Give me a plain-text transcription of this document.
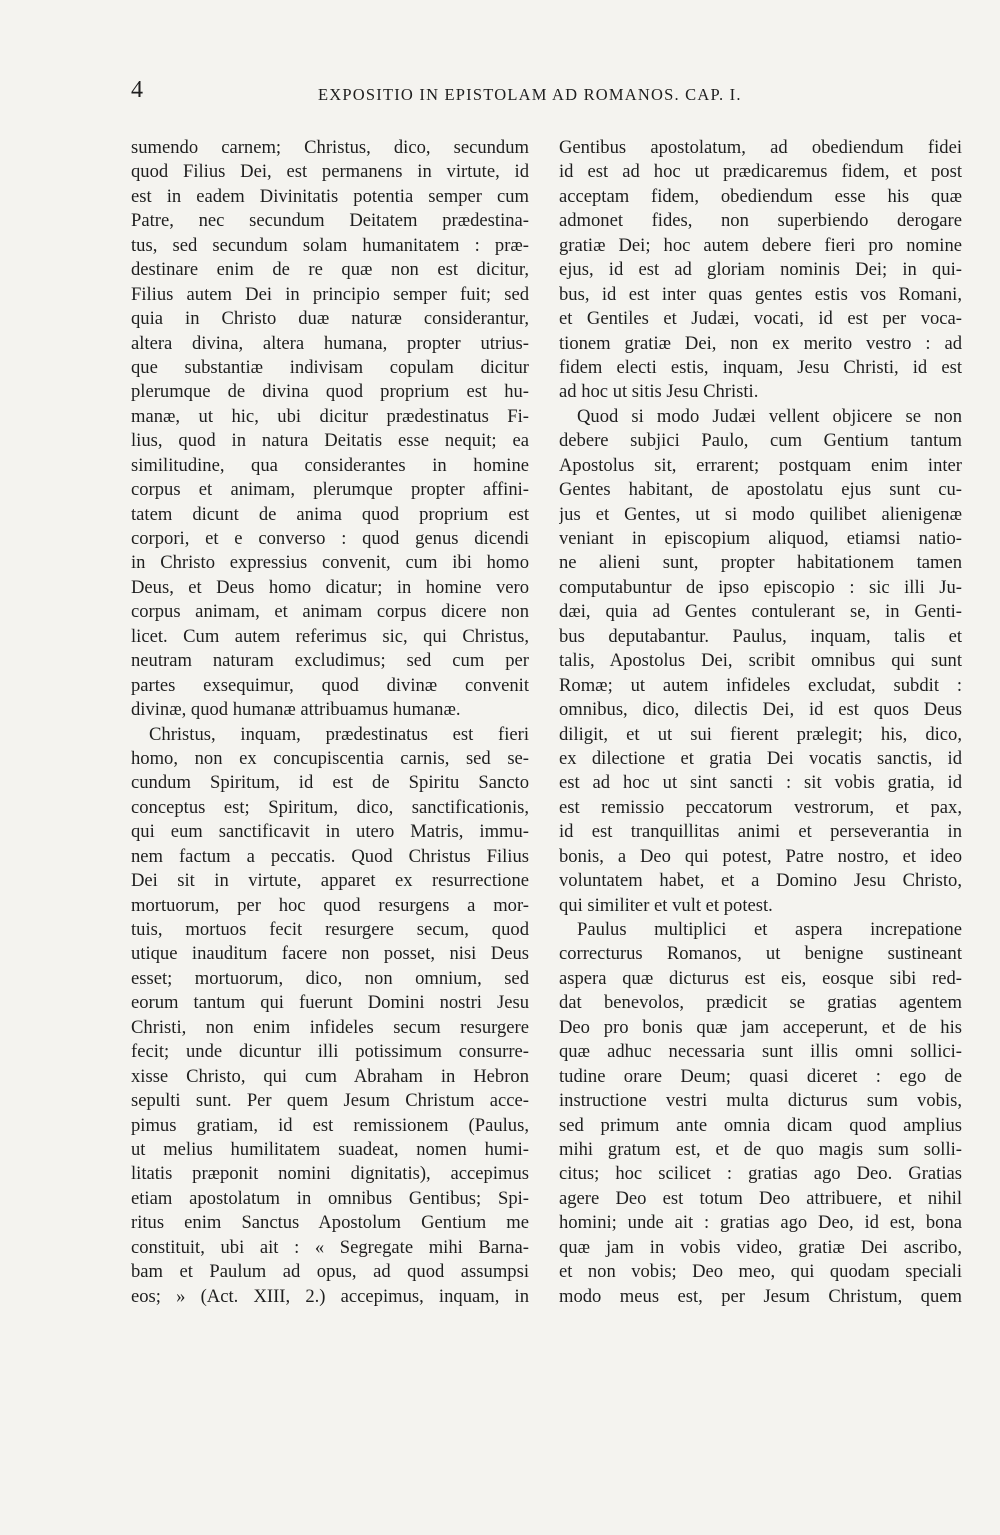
4	EXPOSITIO IN EPISTOLAM AD ROMANOS. CAP. I.
sumendo carnem; Christus, dico, secundum
quod Filius Dei, est permanens in virtute, id
est in eadem Divinitatis potentia semper cum
Patre, nec secundum Deitatem prædestina-
tus, sed secundum solam humanitatem : præ-
destinare enim de re quæ non est dicitur,
Filius autem Dei in principio semper fuit; sed
quia in Christo duæ naturæ considerantur,
altera divina, altera humana, propter utrius-
que substantiæ indivisam copulam dicitur
plerumque de divina quod proprium est hu-
manæ, ut hic, ubi dicitur prædestinatus Fi-
lius, quod in natura Deitatis esse nequit; ea
similitudine, qua considerantes in homine
corpus et animam, plerumque propter affini-
tatem dicunt de anima quod proprium est
corpori, et e converso : quod genus dicendi
in Christo expressius convenit, cum ibi homo
Deus, et Deus homo dicatur; in homine vero
corpus animam, et animam corpus dicere non
licet. Cum autem referimus sic, qui Christus,
neutram naturam excludimus; sed cum per
partes exsequimur, quod divinæ convenit
divinæ, quod humanæ attribuamus humanæ.
Christus, inquam, prædestinatus est fieri
homo, non ex concupiscentia carnis, sed se-
cundum Spiritum, id est de Spiritu Sancto
conceptus est; Spiritum, dico, sanctificationis,
qui eum sanctificavit in utero Matris, immu-
nem factum a peccatis. Quod Christus Filius
Dei sit in virtute, apparet ex resurrectione
mortuorum, per hoc quod resurgens a mor-
tuis, mortuos fecit resurgere secum, quod
utique inauditum facere non posset, nisi Deus
esset; mortuorum, dico, non omnium, sed
eorum tantum qui fuerunt Domini nostri Jesu
Christi, non enim infideles secum resurgere
fecit; unde dicuntur illi potissimum consurre-
xisse Christo, qui cum Abraham in Hebron
sepulti sunt. Per quem Jesum Christum acce-
pimus gratiam, id est remissionem (Paulus,
ut melius humilitatem suadeat, nomen humi-
litatis præponit nomini dignitatis), accepimus
etiam apostolatum in omnibus Gentibus; Spi-
ritus enim Sanctus Apostolum Gentium me
constituit, ubi ait : « Segregate mihi Barna-
bam et Paulum ad opus, ad quod assumpsi
eos; » (Act. XIII, 2.) accepimus, inquam, in
Gentibus apostolatum, ad obediendum fidei
id est ad hoc ut prædicaremus fidem, et post
acceptam fidem, obediendum esse his quæ
admonet fides, non superbiendo derogare
gratiæ Dei; hoc autem debere fieri pro nomine
ejus, id est ad gloriam nominis Dei; in qui-
bus, id est inter quas gentes estis vos Romani,
et Gentiles et Judæi, vocati, id est per voca-
tionem gratiæ Dei, non ex merito vestro : ad
fidem electi estis, inquam, Jesu Christi, id est
ad hoc ut sitis Jesu Christi.
Quod si modo Judæi vellent objicere se non
debere subjici Paulo, cum Gentium tantum
Apostolus sit, errarent; postquam enim inter
Gentes habitant, de apostolatu ejus sunt cu-
jus et Gentes, ut si modo quilibet alienigenæ
veniant in episcopium aliquod, etiamsi natio-
ne alieni sunt, propter habitationem tamen
computabuntur de ipso episcopio : sic illi Ju-
dæi, quia ad Gentes contulerant se, in Genti-
bus deputabantur. Paulus, inquam, talis et
talis, Apostolus Dei, scribit omnibus qui sunt
Romæ; ut autem infideles excludat, subdit :
omnibus, dico, dilectis Dei, id est quos Deus
diligit, et ut sui fierent prælegit; his, dico,
ex dilectione et gratia Dei vocatis sanctis, id
est ad hoc ut sint sancti : sit vobis gratia, id
est remissio peccatorum vestrorum, et pax,
id est tranquillitas animi et perseverantia in
bonis, a Deo qui potest, Patre nostro, et ideo
voluntatem habet, et a Domino Jesu Christo,
qui similiter et vult et potest.
Paulus multiplici et aspera increpatione
correcturus Romanos, ut benigne sustineant
aspera quæ dicturus est eis, eosque sibi red-
dat benevolos, prædicit se gratias agentem
Deo pro bonis quæ jam acceperunt, et de his
quæ adhuc necessaria sunt illis omni sollici-
tudine orare Deum; quasi diceret : ego de
instructione vestri multa dicturus sum vobis,
sed primum ante omnia dicam quod amplius
mihi gratum est, et de quo magis sum solli-
citus; hoc scilicet : gratias ago Deo. Gratias
agere Deo est totum Deo attribuere, et nihil
homini; unde ait : gratias ago Deo, id est, bona
quæ jam in vobis video, gratiæ Dei ascribo,
et non vobis; Deo meo, qui quodam speciali
modo meus est, per Jesum Christum, quem
